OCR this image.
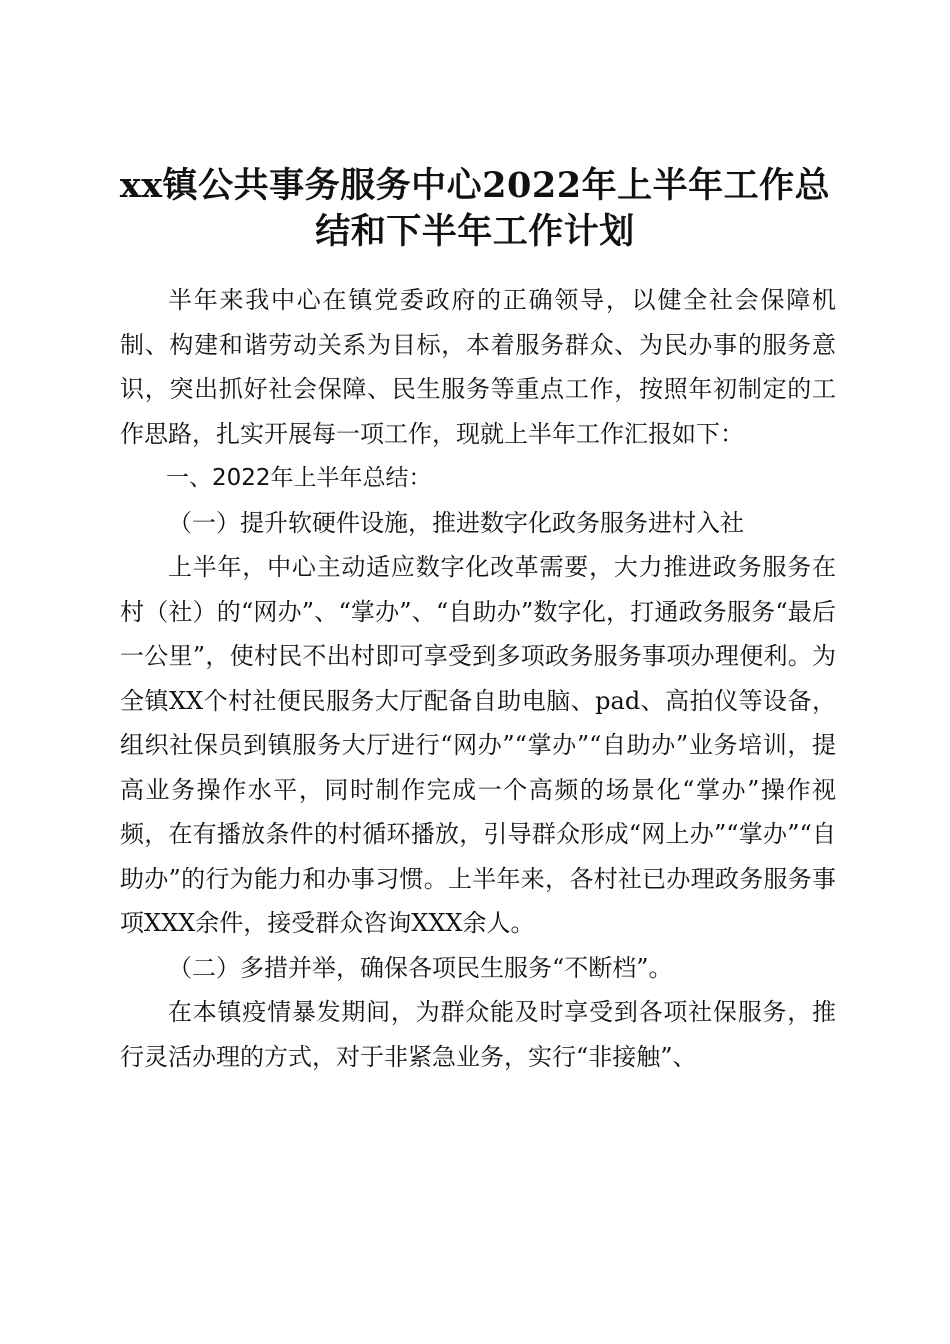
xx镇公共事务服务中心2022年上半年工作总
结和下半年工作计划

半年来我中心在镇党委政府的正确领导，以健全社会保障机制、构建和谐劳动关系为目标，本着服务群众、为民办事的服务意识，突出抓好社会保障、民生服务等重点工作，按照年初制定的工作思路，扎实开展每一项工作，现就上半年工作汇报如下：

一、2022年上半年总结：

（一）提升软硬件设施，推进数字化政务服务进村入社

上半年，中心主动适应数字化改革需要，大力推进政务服务在村（社）的“网办”、“掌办”、“自助办”数字化，打通政务服务“最后一公里”，使村民不出村即可享受到多项政务服务事项办理便利。为全镇XX个村社便民服务大厅配备自助电脑、pad、高拍仪等设备，组织社保员到镇服务大厅进行“网办”“掌办”“自助办”业务培训，提高业务操作水平，同时制作完成一个高频的场景化“掌办”操作视频，在有播放条件的村循环播放，引导群众形成“网上办”“掌办”“自助办”的行为能力和办事习惯。上半年来，各村社已办理政务服务事项XXX余件，接受群众咨询XXX余人。

（二）多措并举，确保各项民生服务“不断档”。

在本镇疫情暴发期间，为群众能及时享受到各项社保服务，推行灵活办理的方式，对于非紧急业务，实行“非接触”、
